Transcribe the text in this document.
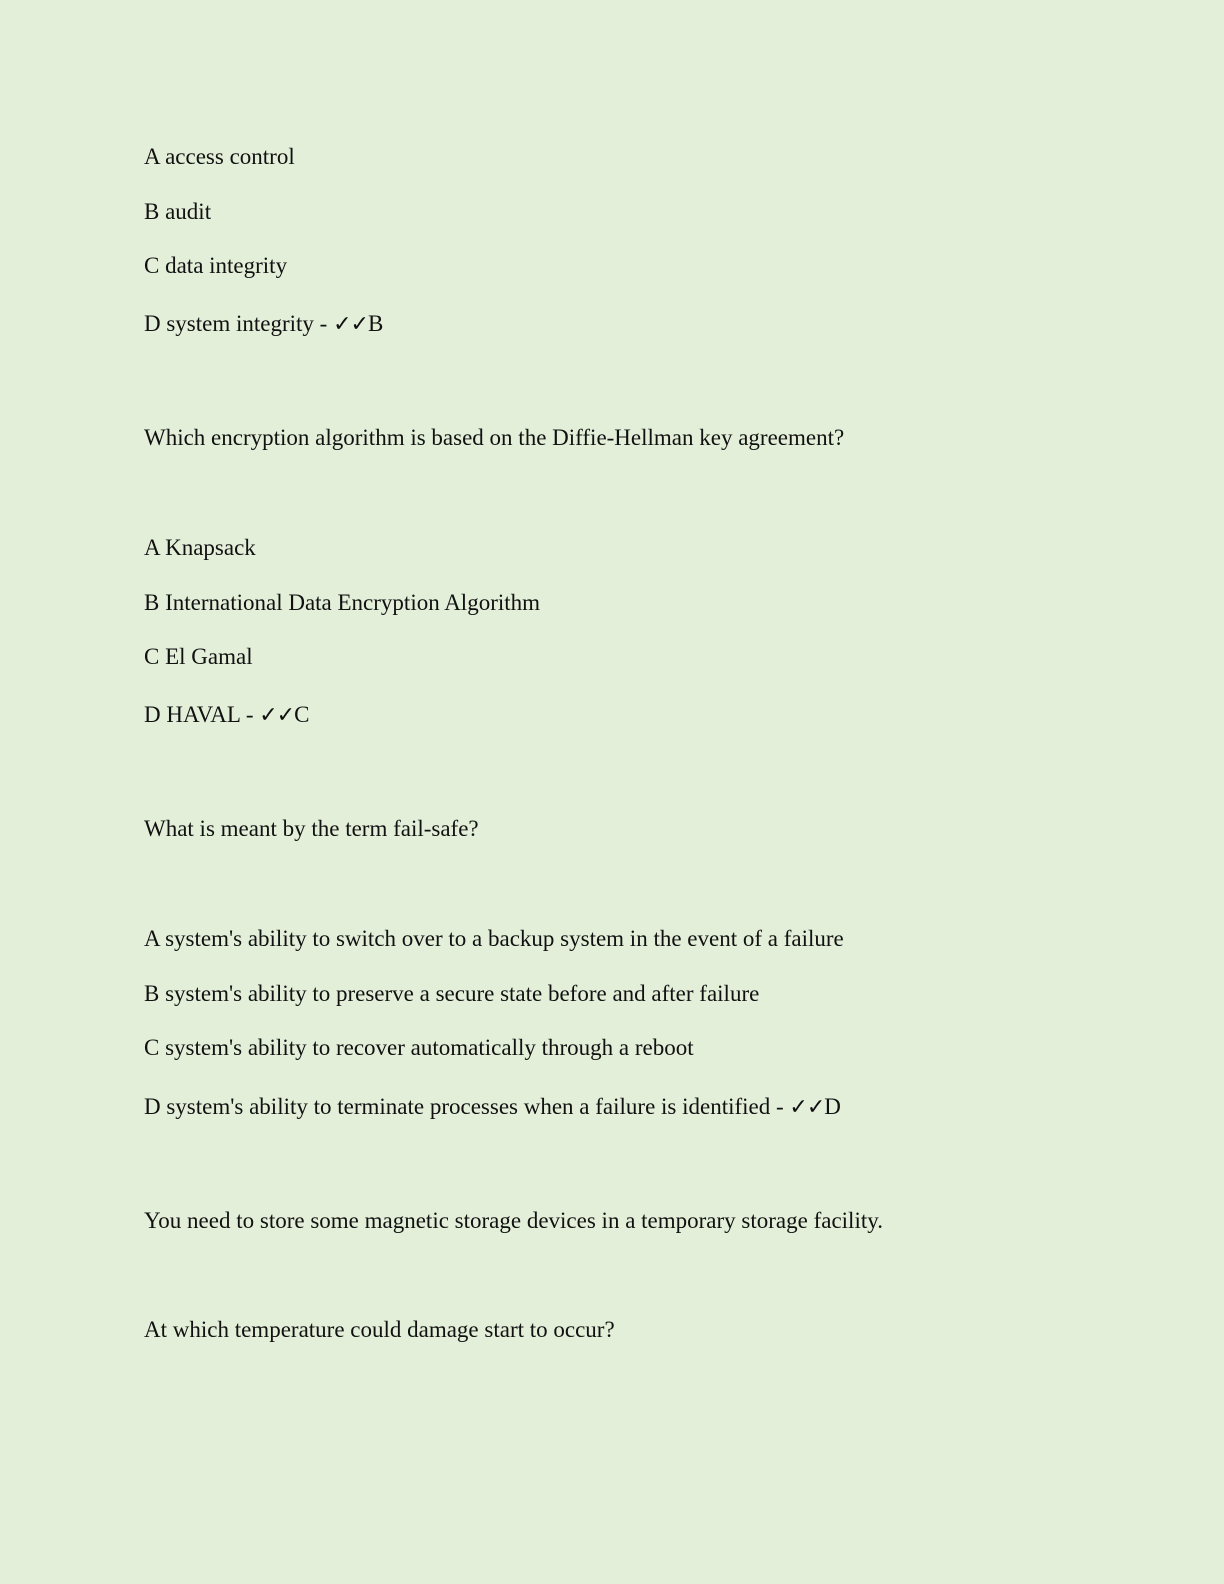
A access control
B audit
C data integrity
D system integrity - ✓✓B
Which encryption algorithm is based on the Diffie-Hellman key agreement?
A Knapsack
B International Data Encryption Algorithm
C El Gamal
D HAVAL - ✓✓C
What is meant by the term fail-safe?
A system's ability to switch over to a backup system in the event of a failure
B system's ability to preserve a secure state before and after failure
C system's ability to recover automatically through a reboot
D system's ability to terminate processes when a failure is identified - ✓✓D
You need to store some magnetic storage devices in a temporary storage facility.
At which temperature could damage start to occur?
